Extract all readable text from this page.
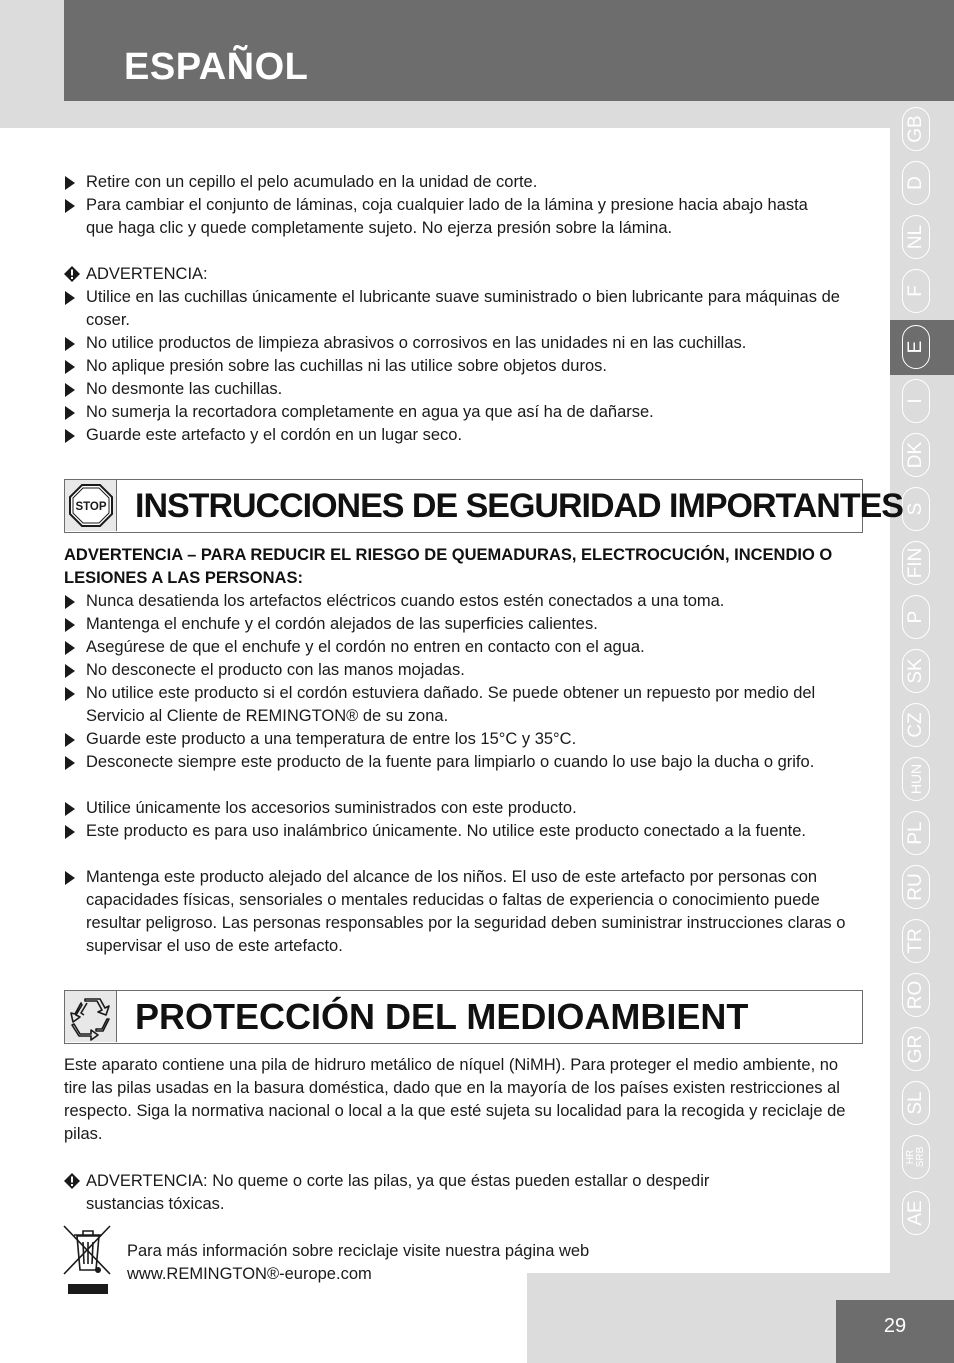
ESPAÑOL
GB
D
NL
F
E
I
DK
S
FIN
P
SK
CZ
HUN
PL
RU
TR
RO
GR
SL
HR
SRB
AE
29
Retire con un cepillo el pelo acumulado en la unidad de corte.
Para cambiar el conjunto de láminas, coja cualquier lado de la lámina y presione hacia abajo hasta que haga clic y quede completamente sujeto. No ejerza presión sobre la lámina.
ADVERTENCIA:
Utilice en las cuchillas únicamente el lubricante suave suministrado o bien lubricante para máquinas de coser.
No utilice productos de limpieza abrasivos o corrosivos en las unidades ni en las cuchillas.
No aplique presión sobre las cuchillas ni las utilice sobre objetos duros.
No desmonte las cuchillas.
No sumerja la recortadora completamente en agua ya que así ha de dañarse.
Guarde este artefacto y el cordón en un lugar seco.
STOP INSTRUCCIONES DE SEGURIDAD IMPORTANTES
ADVERTENCIA – PARA REDUCIR EL RIESGO DE QUEMADURAS, ELECTROCUCIÓN, INCENDIO O LESIONES A LAS PERSONAS:
Nunca desatienda los artefactos eléctricos cuando estos estén conectados a una toma.
Mantenga el enchufe y el cordón alejados de las superficies calientes.
Asegúrese de que el enchufe y el cordón no entren en contacto con el agua.
No desconecte el producto con las manos mojadas.
No utilice este producto si el cordón estuviera dañado. Se puede obtener un repuesto por medio del Servicio al Cliente de REMINGTON® de su zona.
Guarde este producto a una temperatura de entre los 15°C y 35°C.
Desconecte siempre este producto de la fuente para limpiarlo o cuando lo use bajo la ducha o grifo.
Utilice únicamente los accesorios suministrados con este producto.
Este producto es para uso inalámbrico únicamente. No utilice este producto conectado a la fuente.
Mantenga este producto alejado del alcance de los niños. El uso de este artefacto por personas con capacidades físicas, sensoriales o mentales reducidas o faltas de experiencia o conocimiento puede resultar peligroso. Las personas responsables por la seguridad deben suministrar instrucciones claras o supervisar el uso de este artefacto.
PROTECCIÓN DEL MEDIOAMBIENT
Este aparato contiene una pila de hidruro metálico de níquel (NiMH). Para proteger el medio ambiente, no tire las pilas usadas en la basura doméstica, dado que en la mayoría de los países existen restricciones al respecto. Siga la normativa nacional o local a la que esté sujeta su localidad para la recogida y reciclaje de pilas.
ADVERTENCIA: No queme o corte las pilas, ya que éstas pueden estallar o despedir sustancias tóxicas.
Para más información sobre reciclaje visite nuestra página web
www.REMINGTON®-europe.com
